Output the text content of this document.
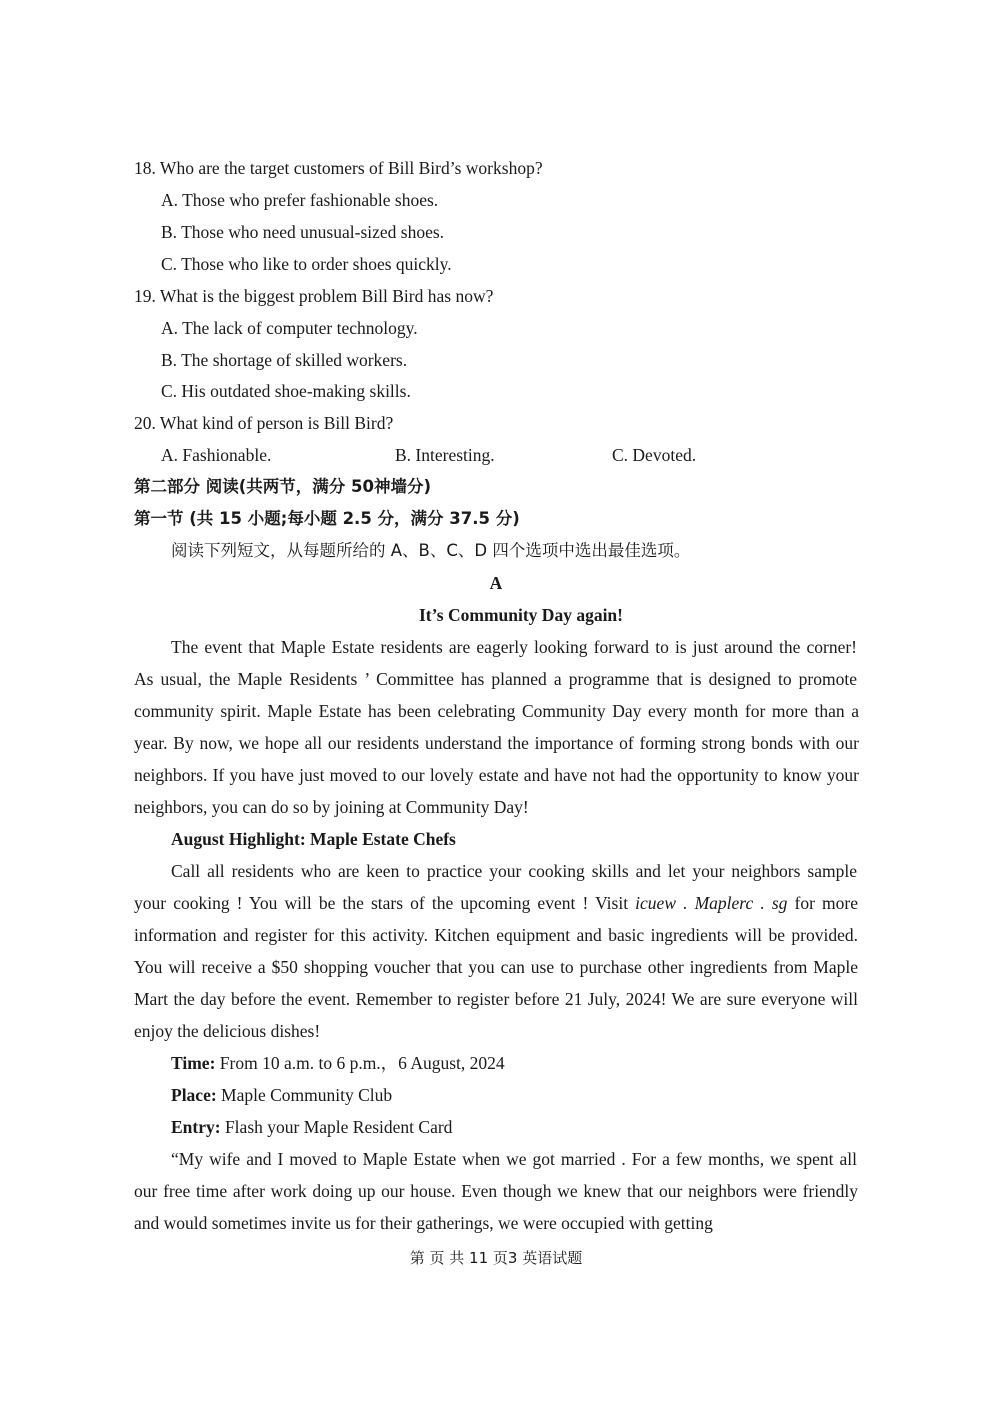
18. Who are the target customers of Bill Bird’s workshop?
A. Those who prefer fashionable shoes.
B. Those who need unusual-sized shoes.
C. Those who like to order shoes quickly.
19. What is the biggest problem Bill Bird has now?
A. The lack of computer technology.
B. The shortage of skilled workers.
C. His outdated shoe-making skills.
20. What kind of person is Bill Bird?
A. Fashionable.	B. Interesting.	C. Devoted.
第二部分 阅读(共两节，满分 50神墙分)
第一节 (共 15 小题;每小题 2.5 分，满分 37.5 分)
阅读下列短文，从每题所给的 A、B、C、D 四个选项中选出最佳选项。
A
It’s Community Day again!
The event that Maple Estate residents are eagerly looking forward to is just around the corner!
As usual, the Maple Residents ’ Committee has planned a programme that is designed to promote
community spirit. Maple Estate has been celebrating Community Day every month for more than a
year. By now, we hope all our residents understand the importance of forming strong bonds with our
neighbors. If you have just moved to our lovely estate and have not had the opportunity to know your
neighbors, you can do so by joining at Community Day!
August Highlight: Maple Estate Chefs
Call all residents who are keen to practice your cooking skills and let your neighbors sample
your cooking ! You will be the stars of the upcoming event ! Visit icuew . Maplerc . sg for more
information and register for this activity. Kitchen equipment and basic ingredients will be provided.
You will receive a $50 shopping voucher that you can use to purchase other ingredients from Maple
Mart the day before the event. Remember to register before 21 July, 2024! We are sure everyone will
enjoy the delicious dishes!
Time: From 10 a.m. to 6 p.m.，6 August, 2024
Place: Maple Community Club
Entry: Flash your Maple Resident Card
“My wife and I moved to Maple Estate when we got married . For a few months, we spent all
our free time after work doing up our house. Even though we knew that our neighbors were friendly
and would sometimes invite us for their gatherings, we were occupied with getting
第 页 共 11 页3 英语试题
